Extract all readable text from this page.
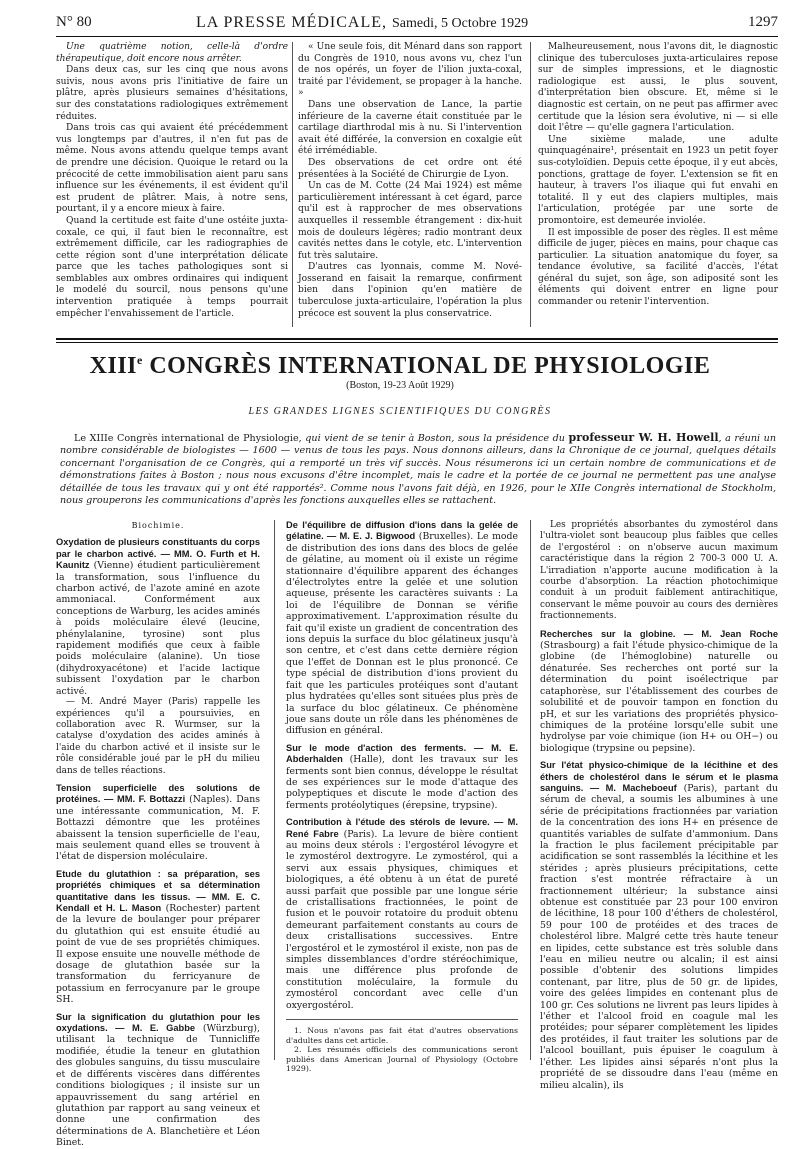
N° 80	LA PRESSE MÉDICALE, Samedi, 5 Octobre 1929	1297

Une quatrième notion, celle-là d'ordre thérapeutique, doit encore nous arrêter.

Dans deux cas, sur les cinq que nous avons suivis, nous avons pris l'initiative de faire un plâtre, après plusieurs semaines d'hésitations, sur des constatations radiologiques extrêmement réduites.

Dans trois cas qui avaient été précédemment vus longtemps par d'autres, il n'en fut pas de même. Nous avons attendu quelque temps avant de prendre une décision. Quoique le retard ou la précocité de cette immobilisation aient paru sans influence sur les événements, il est évident qu'il est prudent de plâtrer. Mais, à notre sens, pourtant, il y a encore mieux à faire.

Quand la certitude est faite d'une ostéite juxta-coxale, ce qui, il faut bien le reconnaître, est extrêmement difficile, car les radiographies de cette région sont d'une interprétation délicate parce que les taches pathologiques sont si semblables aux ombres ordinaires qui indiquent le modelé du sourcil, nous pensons qu'une intervention pratiquée à temps pourrait empêcher l'envahissement de l'article.

« Une seule fois, dit Ménard dans son rapport du Congrès de 1910, nous avons vu, chez l'un de nos opérés, un foyer de l'ilion juxta-coxal, traité par l'évidement, se propager à la hanche. »

Dans une observation de Lance, la partie inférieure de la caverne était constituée par le cartilage diarthrodal mis à nu. Si l'intervention avait été différée, la conversion en coxalgie eût été irrémédiable.

Des observations de cet ordre ont été présentées à la Société de Chirurgie de Lyon.

Un cas de M. Cotte (24 Mai 1924) est même particulièrement intéressant à cet égard, parce qu'il est à rapprocher de mes observations auxquelles il ressemble étrangement : dix-huit mois de douleurs légères; radio montrant deux cavités nettes dans le cotyle, etc. L'intervention fut très salutaire.

D'autres cas lyonnais, comme M. Nové-Josserand en faisait la remarque, confirment bien dans l'opinion qu'en matière de tuberculose juxta-articulaire, l'opération la plus précoce est souvent la plus conservatrice.

Malheureusement, nous l'avons dit, le diagnostic clinique des tuberculoses juxta-articulaires repose sur de simples impressions, et le diagnostic radiologique est aussi, le plus souvent, d'interprétation bien obscure. Et, même si le diagnostic est certain, on ne peut pas affirmer avec certitude que la lésion sera évolutive, ni — si elle doit l'être — qu'elle gagnera l'articulation.

Une sixième malade, une adulte quinquagénaire¹, présentait en 1923 un petit foyer sus-cotyloïdien. Depuis cette époque, il y eut abcès, ponctions, grattage de foyer. L'extension se fit en hauteur, à travers l'os iliaque qui fut envahi en totalité. Il y eut des clapiers multiples, mais l'articulation, protégée par une sorte de promontoire, est demeurée inviolée.

Il est impossible de poser des règles. Il est même difficile de juger, pièces en mains, pour chaque cas particulier. La situation anatomique du foyer, sa tendance évolutive, sa facilité d'accès, l'état général du sujet, son âge, son adiposité sont les éléments qui doivent entrer en ligne pour commander ou retenir l'intervention.

XIIIe CONGRÈS INTERNATIONAL DE PHYSIOLOGIE
(Boston, 19-23 Août 1929)
LES GRANDES LIGNES SCIENTIFIQUES DU CONGRÈS
Le XIIIe Congrès international de Physiologie, qui vient de se tenir à Boston, sous la présidence du professeur W. H. Howell, a réuni un nombre considérable de biologistes — 1600 — venus de tous les pays. Nous donnons ailleurs, dans la Chronique de ce journal, quelques détails concernant l'organisation de ce Congrès, qui a remporté un très vif succès. Nous résumerons ici un certain nombre de communications et de démonstrations faites à Boston ; nous nous excusons d'être incomplet, mais le cadre et la portée de ce journal ne permettent pas une analyse détaillée de tous les travaux qui y ont été rapportés². Comme nous l'avons fait déjà, en 1926, pour le XIIe Congrès international de Stockholm, nous grouperons les communications d'après les fonctions auxquelles elles se rattachent.

Biochimie.

Oxydation de plusieurs constituants du corps par le charbon activé. — MM. O. Furth et H. Kaunitz (Vienne) étudient particulièrement la transformation, sous l'influence du charbon activé, de l'azote aminé en azote ammoniacal. Conformément aux conceptions de Warburg, les acides aminés à poids moléculaire élevé (leucine, phénylalanine, tyrosine) sont plus rapidement modifiés que ceux à faible poids moléculaire (alanine). Un tiose (dihydroxyacétone) et l'acide lactique subissent l'oxydation par le charbon activé.

— M. André Mayer (Paris) rappelle les expériences qu'il a poursuivies, en collaboration avec R. Wurmser, sur la catalyse d'oxydation des acides aminés à l'aide du charbon activé et il insiste sur le rôle considérable joué par le pH du milieu dans de telles réactions.

Tension superficielle des solutions de protéines. — MM. F. Bottazzi (Naples). Dans une intéressante communication, M. F. Bottazzi démontre que les protéines abaissent la tension superficielle de l'eau, mais seulement quand elles se trouvent à l'état de dispersion moléculaire.

Etude du glutathion : sa préparation, ses propriétés chimiques et sa détermination quantitative dans les tissus. — MM. E. C. Kendall et H. L. Mason (Rochester) partent de la levure de boulanger pour préparer du glutathion qui est ensuite étudié au point de vue de ses propriétés chimiques. Il expose ensuite une nouvelle méthode de dosage de glutathion basée sur la transformation du ferricyanure de potassium en ferrocyanure par le groupe SH.

Sur la signification du glutathion pour les oxydations. — M. E. Gabbe (Würzburg), utilisant la technique de Tunnicliffe modifiée, étudie la teneur en glutathion des globules sanguins, du tissu musculaire et de différents viscères dans différentes conditions biologiques ; il insiste sur un appauvrissement du sang artériel en glutathion par rapport au sang veineux et donne une confirmation des déterminations de A. Blanchetière et Léon Binet.

De l'équilibre de diffusion d'ions dans la gelée de gélatine. — M. E. J. Bigwood (Bruxelles). Le mode de distribution des ions dans des blocs de gelée de gélatine, au moment où il existe un régime stationnaire d'équilibre apparent des échanges d'électrolytes entre la gelée et une solution aqueuse, présente les caractères suivants : La loi de l'équilibre de Donnan se vérifie approximativement. L'approximation résulte du fait qu'il existe un gradient de concentration des ions depuis la surface du bloc gélatineux jusqu'à son centre, et c'est dans cette dernière région que l'effet de Donnan est le plus prononcé. Ce type spécial de distribution d'ions provient du fait que les particules protéiques sont d'autant plus hydratées qu'elles sont situées plus près de la surface du bloc gélatineux. Ce phénomène joue sans doute un rôle dans les phénomènes de diffusion en général.

Sur le mode d'action des ferments. — M. E. Abderhalden (Halle), dont les travaux sur les ferments sont bien connus, développe le résultat de ses expériences sur le mode d'attaque des polypeptiques et discute le mode d'action des ferments protéolytiques (érepsine, trypsine).

Contribution à l'étude des stérols de levure. — M. René Fabre (Paris). La levure de bière contient au moins deux stérols : l'ergostérol lévogyre et le zymostérol dextrogyre. Le zymostérol, qui a servi aux essais physiques, chimiques et biologiques, a été obtenu à un état de pureté aussi parfait que possible par une longue série de cristallisations fractionnées, le point de fusion et le pouvoir rotatoire du produit obtenu demeurant parfaitement constants au cours de deux cristallisations successives. Entre l'ergostérol et le zymostérol il existe, non pas de simples dissemblances d'ordre stéréochimique, mais une différence plus profonde de constitution moléculaire, la formule du zymostérol concordant avec celle d'un oxyergostérol.

1. Nous n'avons pas fait état d'autres observations d'adultes dans cet article.

2. Les résumés officiels des communications seront publiés dans American Journal of Physiology (Octobre 1929).

Les propriétés absorbantes du zymostérol dans l'ultra-violet sont beaucoup plus faibles que celles de l'ergostérol : on n'observe aucun maximum caractéristique dans la région 2 700-3 000 U. A. L'irradiation n'apporte aucune modification à la courbe d'absorption. La réaction photochimique conduit à un produit faiblement antirachitique, conservant le même pouvoir au cours des dernières fractionnements.

Recherches sur la globine. — M. Jean Roche (Strasbourg) a fait l'étude physico-chimique de la globine (de l'hémoglobine) naturelle ou dénaturée. Ses recherches ont porté sur la détermination du point isoélectrique par cataphorèse, sur l'établissement des courbes de solubilité et de pouvoir tampon en fonction du pH, et sur les variations des propriétés physico-chimiques de la protéine lorsqu'elle subit une hydrolyse par voie chimique (ion H+ ou OH−) ou biologique (trypsine ou pepsine).

Sur l'état physico-chimique de la lécithine et des éthers de cholestérol dans le sérum et le plasma sanguins. — M. Macheboeuf (Paris), partant du sérum de cheval, a soumis les albumines à une série de précipitations fractionnées par variation de la concentration des ions H+ en présence de quantités variables de sulfate d'ammonium. Dans la fraction le plus facilement précipitable par acidification se sont rassemblés la lécithine et les stérides ; après plusieurs précipitations, cette fraction s'est montrée réfractaire à un fractionnement ultérieur; la substance ainsi obtenue est constituée par 23 pour 100 environ de lécithine, 18 pour 100 d'éthers de cholestérol, 59 pour 100 de protéides et des traces de cholestérol libre. Malgré cette très haute teneur en lipides, cette substance est très soluble dans l'eau en milieu neutre ou alcalin; il est ainsi possible d'obtenir des solutions limpides contenant, par litre, plus de 50 gr. de lipides, voire des gelées limpides en contenant plus de 100 gr. Ces solutions ne livrent pas leurs lipides à l'éther et l'alcool froid en coagule mal les protéides; pour séparer complètement les lipides des protéides, il faut traiter les solutions par de l'alcool bouillant, puis épuiser le coagulum à l'éther. Les lipides ainsi séparés n'ont plus la propriété de se dissoudre dans l'eau (même en milieu alcalin), ils
